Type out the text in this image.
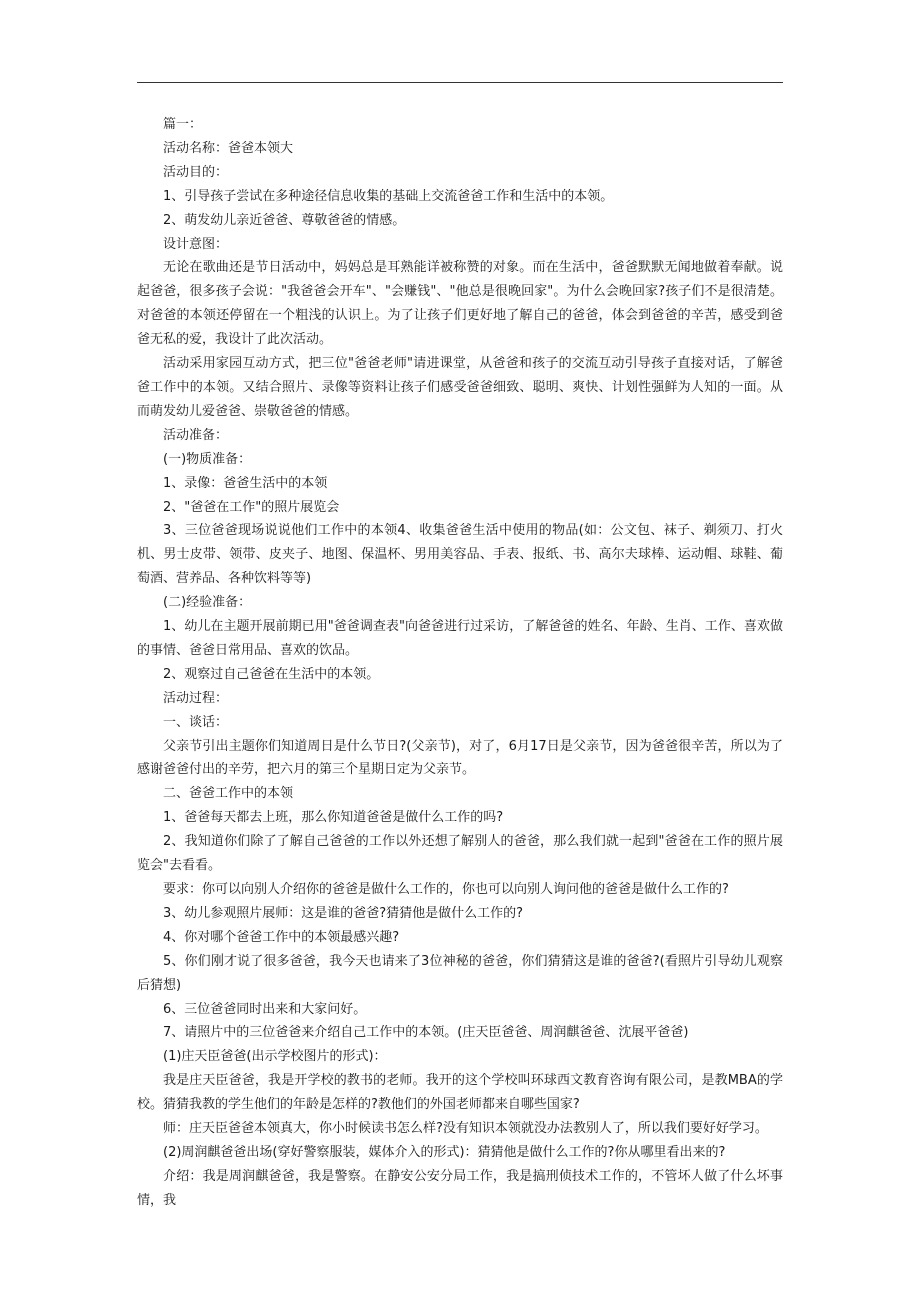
篇一：

活动名称：爸爸本领大

活动目的：

1、引导孩子尝试在多种途径信息收集的基础上交流爸爸工作和生活中的本领。

2、萌发幼儿亲近爸爸、尊敬爸爸的情感。

设计意图：

无论在歌曲还是节日活动中，妈妈总是耳熟能详被称赞的对象。而在生活中，爸爸默默无闻地做着奉献。说起爸爸，很多孩子会说："我爸爸会开车"、"会赚钱"、"他总是很晚回家"。为什么会晚回家?孩子们不是很清楚。对爸爸的本领还停留在一个粗浅的认识上。为了让孩子们更好地了解自己的爸爸，体会到爸爸的辛苦，感受到爸爸无私的爱，我设计了此次活动。

活动采用家园互动方式，把三位"爸爸老师"请进课堂，从爸爸和孩子的交流互动引导孩子直接对话，了解爸爸工作中的本领。又结合照片、录像等资料让孩子们感受爸爸细致、聪明、爽快、计划性强鲜为人知的一面。从而萌发幼儿爱爸爸、崇敬爸爸的情感。

活动准备：

(一)物质准备：

1、录像：爸爸生活中的本领

2、"爸爸在工作"的照片展览会

3、三位爸爸现场说说他们工作中的本领4、收集爸爸生活中使用的物品(如：公文包、袜子、剃须刀、打火机、男士皮带、领带、皮夹子、地图、保温杯、男用美容品、手表、报纸、书、高尔夫球棒、运动帽、球鞋、葡萄酒、营养品、各种饮料等等)

(二)经验准备：

1、幼儿在主题开展前期已用"爸爸调查表"向爸爸进行过采访，了解爸爸的姓名、年龄、生肖、工作、喜欢做的事情、爸爸日常用品、喜欢的饮品。

2、观察过自己爸爸在生活中的本领。

活动过程：

一、谈话：

父亲节引出主题你们知道周日是什么节日?(父亲节)，对了，6月17日是父亲节，因为爸爸很辛苦，所以为了感谢爸爸付出的辛劳，把六月的第三个星期日定为父亲节。

二、爸爸工作中的本领

1、爸爸每天都去上班，那么你知道爸爸是做什么工作的吗?

2、我知道你们除了了解自己爸爸的工作以外还想了解别人的爸爸，那么我们就一起到"爸爸在工作的照片展览会"去看看。

要求：你可以向别人介绍你的爸爸是做什么工作的，你也可以向别人询问他的爸爸是做什么工作的?

3、幼儿参观照片展师：这是谁的爸爸?猜猜他是做什么工作的?

4、你对哪个爸爸工作中的本领最感兴趣?

5、你们刚才说了很多爸爸，我今天也请来了3位神秘的爸爸，你们猜猜这是谁的爸爸?(看照片引导幼儿观察后猜想)

6、三位爸爸同时出来和大家问好。

7、请照片中的三位爸爸来介绍自己工作中的本领。(庄天臣爸爸、周润麒爸爸、沈展平爸爸)

(1)庄天臣爸爸(出示学校图片的形式)：

我是庄天臣爸爸，我是开学校的教书的老师。我开的这个学校叫环球西文教育咨询有限公司，是教MBA的学校。猜猜我教的学生他们的年龄是怎样的?教他们的外国老师都来自哪些国家?

师：庄天臣爸爸本领真大，你小时候读书怎么样?没有知识本领就没办法教别人了，所以我们要好好学习。

(2)周润麒爸爸出场(穿好警察服装，媒体介入的形式)：猜猜他是做什么工作的?你从哪里看出来的?

介绍：我是周润麒爸爸，我是警察。在静安公安分局工作，我是搞刑侦技术工作的，不管坏人做了什么坏事情，我
